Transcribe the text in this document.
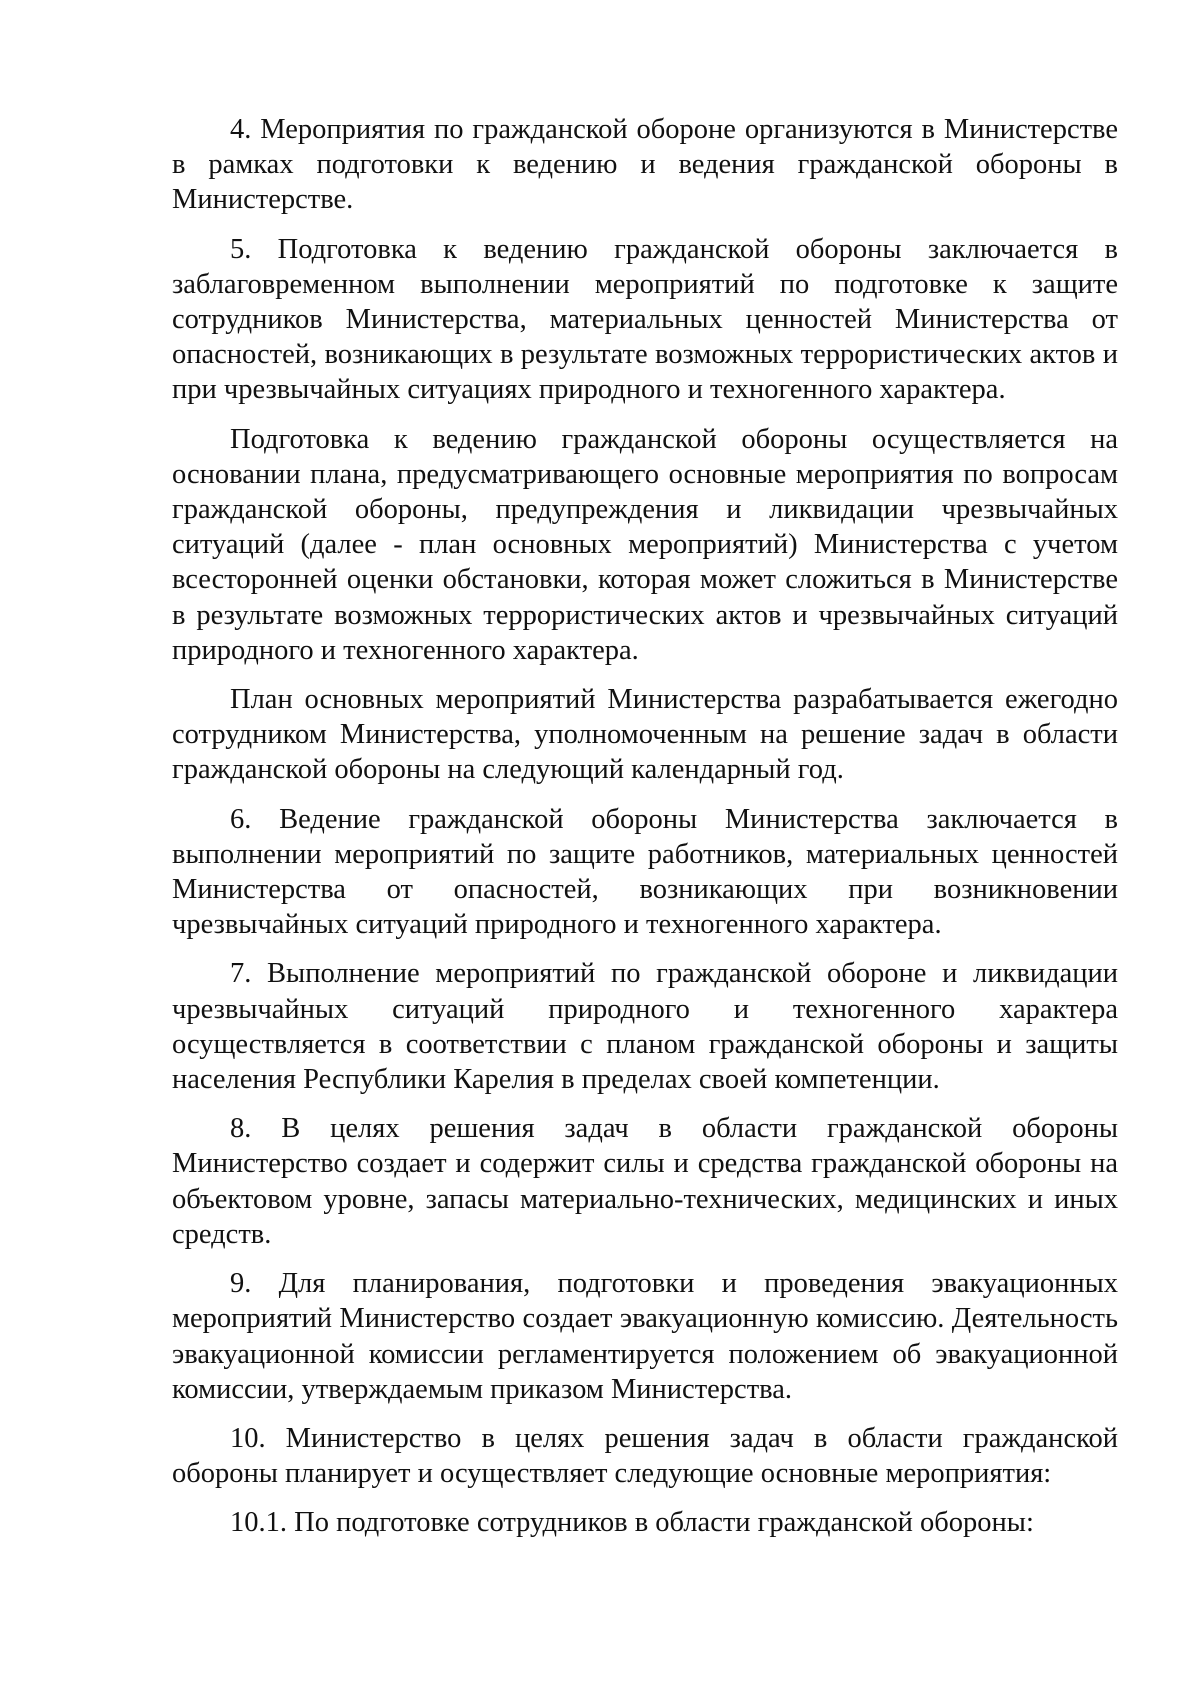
4. Мероприятия по гражданской обороне организуются в Министерстве в рамках подготовки к ведению и ведения гражданской обороны в Министерстве.

5. Подготовка к ведению гражданской обороны заключается в заблаговременном выполнении мероприятий по подготовке к защите сотрудников Министерства, материальных ценностей Министерства от опасностей, возникающих в результате возможных террористических актов и при чрезвычайных ситуациях природного и техногенного характера.

Подготовка к ведению гражданской обороны осуществляется на основании плана, предусматривающего основные мероприятия по вопросам гражданской обороны, предупреждения и ликвидации чрезвычайных ситуаций (далее - план основных мероприятий) Министерства с учетом всесторонней оценки обстановки, которая может сложиться в Министерстве в результате возможных террористических актов и чрезвычайных ситуаций природного и техногенного характера.

План основных мероприятий Министерства разрабатывается ежегодно сотрудником Министерства, уполномоченным на решение задач в области гражданской обороны на следующий календарный год.

6. Ведение гражданской обороны Министерства заключается в выполнении мероприятий по защите работников, материальных ценностей Министерства от опасностей, возникающих при возникновении чрезвычайных ситуаций природного и техногенного характера.

7. Выполнение мероприятий по гражданской обороне и ликвидации чрезвычайных ситуаций природного и техногенного характера осуществляется в соответствии с планом гражданской обороны и защиты населения Республики Карелия в пределах своей компетенции.

8. В целях решения задач в области гражданской обороны Министерство создает и содержит силы и средства гражданской обороны на объектовом уровне, запасы материально-технических, медицинских и иных средств.

9. Для планирования, подготовки и проведения эвакуационных мероприятий Министерство создает эвакуационную комиссию. Деятельность эвакуационной комиссии регламентируется положением об эвакуационной комиссии, утверждаемым приказом Министерства.

10. Министерство в целях решения задач в области гражданской обороны планирует и осуществляет следующие основные мероприятия:

10.1. По подготовке сотрудников в области гражданской обороны:
